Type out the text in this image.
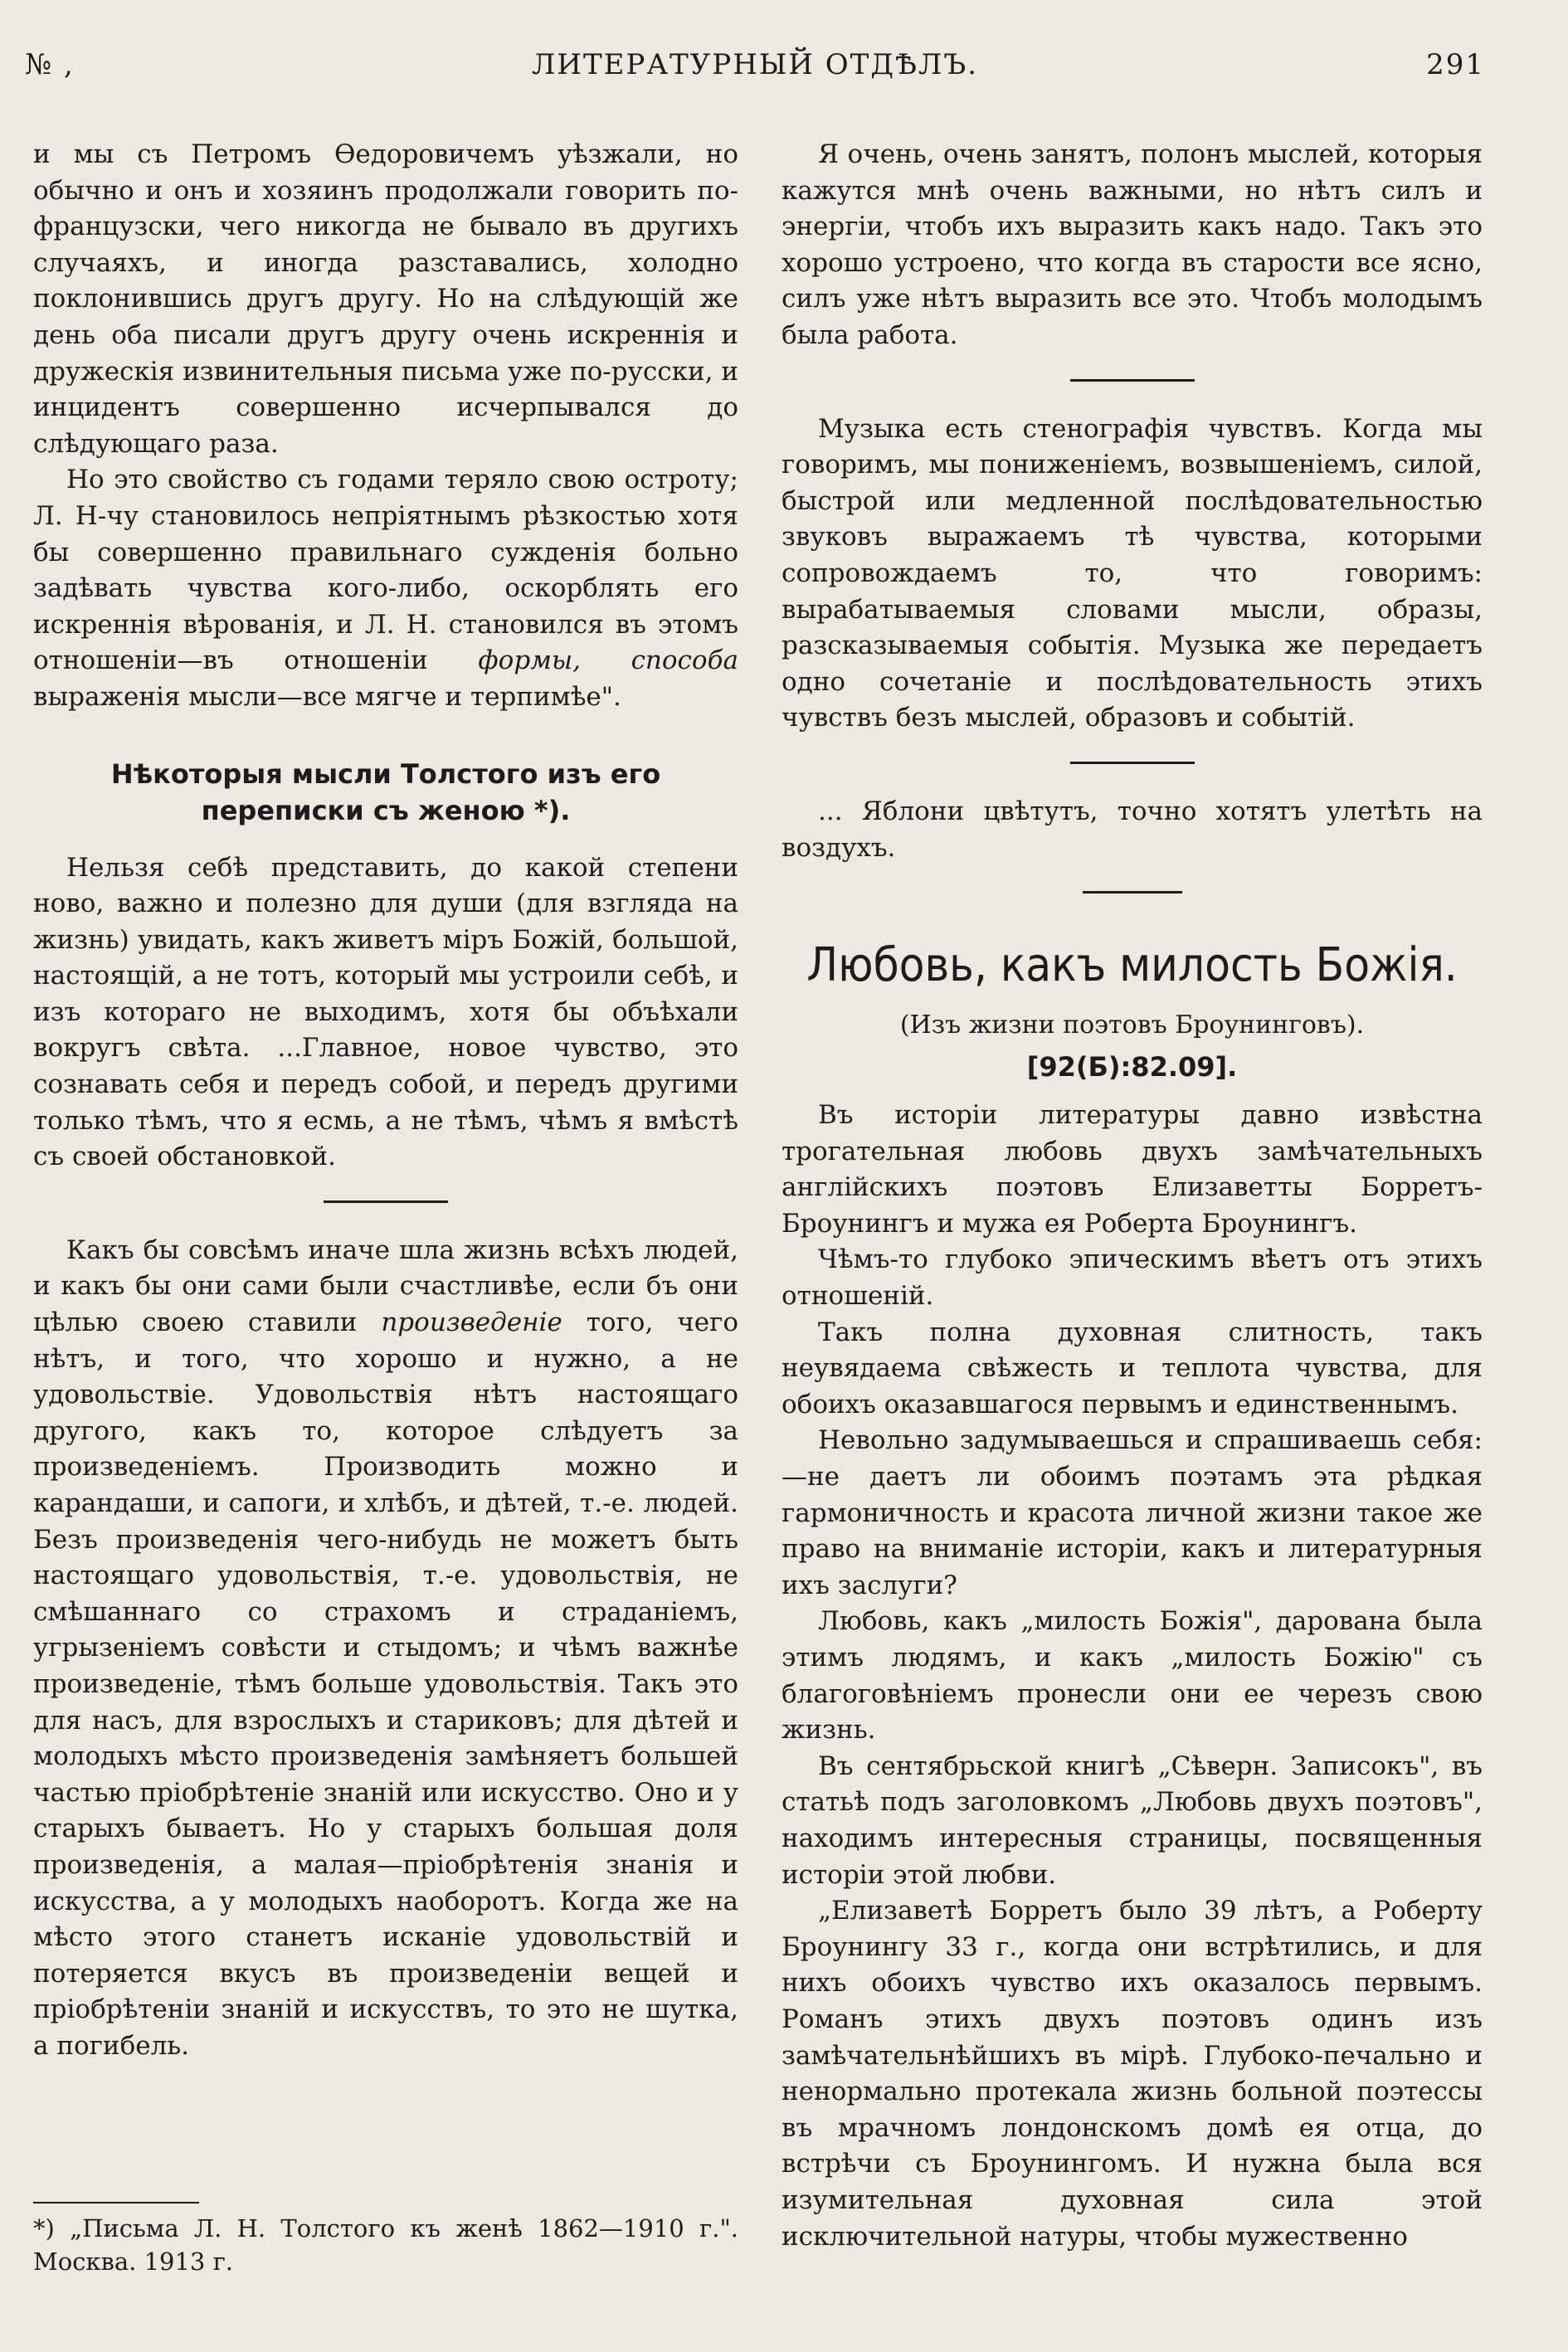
№ ,	ЛИТЕРАТУРНЫЙ ОТДѢЛЪ.	291

и мы съ Петромъ Ѳедоровичемъ уѣзжали, но обычно и онъ и хозяинъ продолжали говорить по-французски, чего никогда не бывало въ другихъ случаяхъ, и иногда разставались, холодно поклонившись другъ другу. Но на слѣдующій же день оба писали другъ другу очень искреннія и дружескія извинительныя письма уже по-русски, и инцидентъ совершенно исчерпывался до слѣдующаго раза.

Но это свойство съ годами теряло свою остроту; Л. Н-чу становилось непріятнымъ рѣзкостью хотя бы совершенно правильнаго сужденія больно задѣвать чувства кого-либо, оскорблять его искреннія вѣрованія, и Л. Н. становился въ этомъ отношеніи—въ отношеніи формы, способа выраженія мысли—все мягче и терпимѣе".

Нѣкоторыя мысли Толстого изъ его переписки съ женою *).

Нельзя себѣ представить, до какой степени ново, важно и полезно для души (для взгляда на жизнь) увидать, какъ живетъ міръ Божій, большой, настоящій, а не тотъ, который мы устроили себѣ, и изъ котораго не выходимъ, хотя бы объѣхали вокругъ свѣта. ...Главное, новое чувство, это сознавать себя и передъ собой, и передъ другими только тѣмъ, что я есмь, а не тѣмъ, чѣмъ я вмѣстѣ съ своей обстановкой.

Какъ бы совсѣмъ иначе шла жизнь всѣхъ людей, и какъ бы они сами были счастливѣе, если бъ они цѣлью своею ставили произведеніе того, чего нѣтъ, и того, что хорошо и нужно, а не удовольствіе. Удовольствія нѣтъ настоящаго другого, какъ то, которое слѣдуетъ за произведеніемъ. Производить можно и карандаши, и сапоги, и хлѣбъ, и дѣтей, т.-е. людей. Безъ произведенія чего-нибудь не можетъ быть настоящаго удовольствія, т.-е. удовольствія, не смѣшаннаго со страхомъ и страданіемъ, угрызеніемъ совѣсти и стыдомъ; и чѣмъ важнѣе произведеніе, тѣмъ больше удовольствія. Такъ это для насъ, для взрослыхъ и стариковъ; для дѣтей и молодыхъ мѣсто произведенія замѣняетъ большей частью пріобрѣтеніе знаній или искусство. Оно и у старыхъ бываетъ. Но у старыхъ большая доля произведенія, а малая—пріобрѣтенія знанія и искусства, а у молодыхъ наоборотъ. Когда же на мѣсто этого станетъ исканіе удовольствій и потеряется вкусъ въ произведеніи вещей и пріобрѣтеніи знаній и искусствъ, то это не шутка, а погибель.

*) „Письма Л. Н. Толстого къ женѣ 1862—1910 г.". Москва. 1913 г.

Я очень, очень занятъ, полонъ мыслей, которыя кажутся мнѣ очень важными, но нѣтъ силъ и энергіи, чтобъ ихъ выразить какъ надо. Такъ это хорошо устроено, что когда въ старости все ясно, силъ уже нѣтъ выразить все это. Чтобъ молодымъ была работа.

Музыка есть стенографія чувствъ. Когда мы говоримъ, мы пониженіемъ, возвышеніемъ, силой, быстрой или медленной послѣдовательностью звуковъ выражаемъ тѣ чувства, которыми сопровождаемъ то, что говоримъ: вырабатываемыя словами мысли, образы, разсказываемыя событія. Музыка же передаетъ одно сочетаніе и послѣдовательность этихъ чувствъ безъ мыслей, образовъ и событій.

... Яблони цвѣтутъ, точно хотятъ улетѣть на воздухъ.

Любовь, какъ милость Божія.
(Изъ жизни поэтовъ Броунинговъ).
[92(Б):82.09].

Въ исторіи литературы давно извѣстна трогательная любовь двухъ замѣчательныхъ англійскихъ поэтовъ Елизаветты Борретъ-Броунингъ и мужа ея Роберта Броунингъ.

Чѣмъ-то глубоко эпическимъ вѣетъ отъ этихъ отношеній.

Такъ полна духовная слитность, такъ неувядаема свѣжесть и теплота чувства, для обоихъ оказавшагося первымъ и единственнымъ.

Невольно задумываешься и спрашиваешь себя:—не даетъ ли обоимъ поэтамъ эта рѣдкая гармоничность и красота личной жизни такое же право на вниманіе исторіи, какъ и литературныя ихъ заслуги?

Любовь, какъ „милость Божія", дарована была этимъ людямъ, и какъ „милость Божію" съ благоговѣніемъ пронесли они ее черезъ свою жизнь.

Въ сентябрьской книгѣ „Сѣверн. Записокъ", въ статьѣ подъ заголовкомъ „Любовь двухъ поэтовъ", находимъ интересныя страницы, посвященныя исторіи этой любви.

„Елизаветѣ Борретъ было 39 лѣтъ, а Роберту Броунингу 33 г., когда они встрѣтились, и для нихъ обоихъ чувство ихъ оказалось первымъ. Романъ этихъ двухъ поэтовъ одинъ изъ замѣчательнѣйшихъ въ мірѣ. Глубоко-печально и ненормально протекала жизнь больной поэтессы въ мрачномъ лондонскомъ домѣ ея отца, до встрѣчи съ Броунингомъ. И нужна была вся изумительная духовная сила этой исключительной натуры, чтобы мужественно
